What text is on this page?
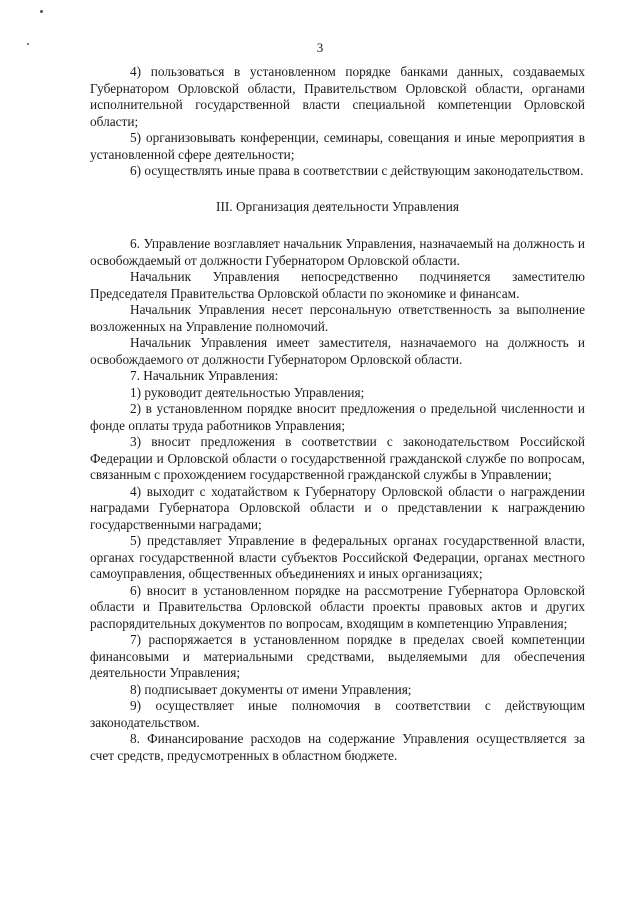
3

4) пользоваться в установленном порядке банками данных, создаваемых Губернатором Орловской области, Правительством Орловской области, органами исполнительной государственной власти специальной компетенции Орловской области;

5) организовывать конференции, семинары, совещания и иные мероприятия в установленной сфере деятельности;

6) осуществлять иные права в соответствии с действующим законодательством.

III. Организация деятельности Управления

6. Управление возглавляет начальник Управления, назначаемый на должность и освобождаемый от должности Губернатором Орловской области.

Начальник Управления непосредственно подчиняется заместителю Председателя Правительства Орловской области по экономике и финансам.

Начальник Управления несет персональную ответственность за выполнение возложенных на Управление полномочий.

Начальник Управления имеет заместителя, назначаемого на должность и освобождаемого от должности Губернатором Орловской области.

7. Начальник Управления:

1) руководит деятельностью Управления;

2) в установленном порядке вносит предложения о предельной численности и фонде оплаты труда работников Управления;

3) вносит предложения в соответствии с законодательством Российской Федерации и Орловской области о государственной гражданской службе по вопросам, связанным с прохождением государственной гражданской службы в Управлении;

4) выходит с ходатайством к Губернатору Орловской области о награждении наградами Губернатора Орловской области и о представлении к награждению государственными наградами;

5) представляет Управление в федеральных органах государственной власти, органах государственной власти субъектов Российской Федерации, органах местного самоуправления, общественных объединениях и иных организациях;

6) вносит в установленном порядке на рассмотрение Губернатора Орловской области и Правительства Орловской области проекты правовых актов и других распорядительных документов по вопросам, входящим в компетенцию Управления;

7) распоряжается в установленном порядке в пределах своей компетенции финансовыми и материальными средствами, выделяемыми для обеспечения деятельности Управления;

8) подписывает документы от имени Управления;

9) осуществляет иные полномочия в соответствии с действующим законодательством.

8. Финансирование расходов на содержание Управления осуществляется за счет средств, предусмотренных в областном бюджете.
